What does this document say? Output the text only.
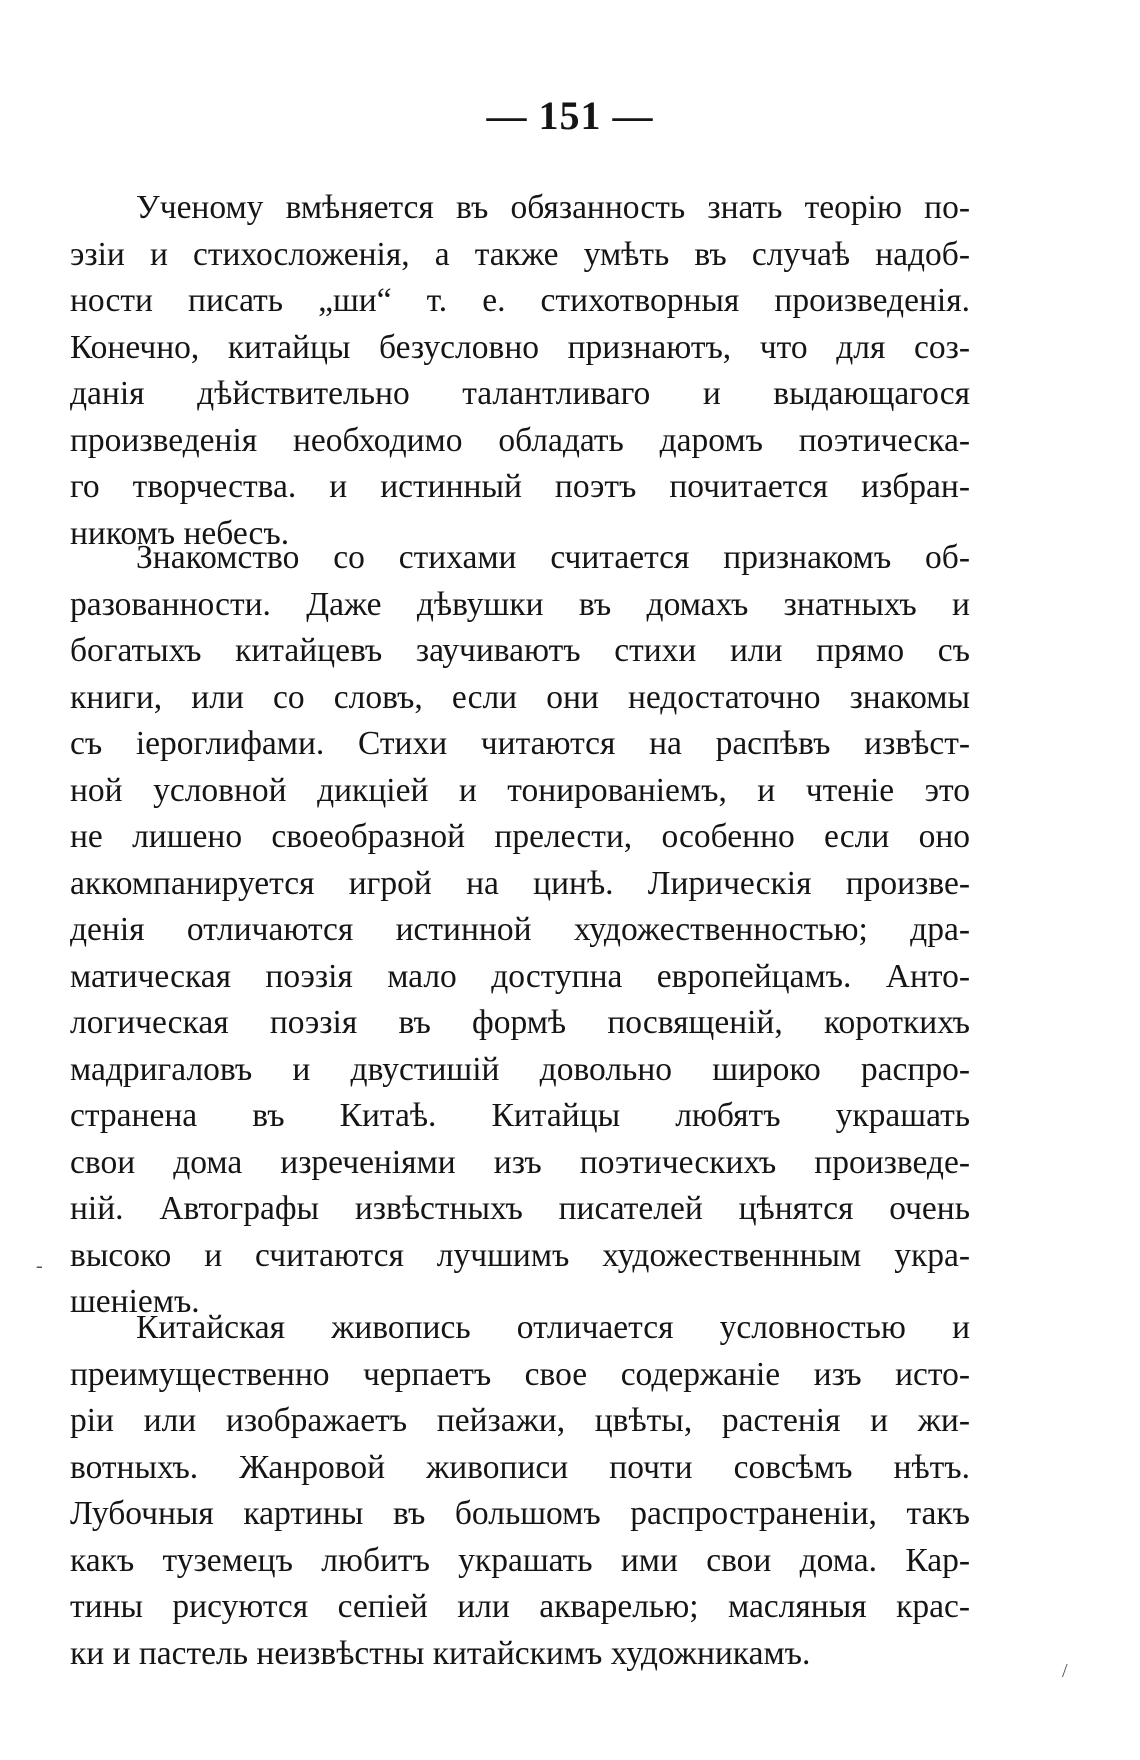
— 151 —
Ученому вмѣняется въ обязанность знать теорію по-
эзіи и стихосложенія, а также умѣть въ случаѣ надоб-
ности писать „ши“ т. е. стихотворныя произведенія.
Конечно, китайцы безусловно признаютъ, что для соз-
данія дѣйствительно талантливаго и выдающагося
произведенія необходимо обладать даромъ поэтическа-
го творчества. и истинный поэтъ почитается избран-
никомъ небесъ.
Знакомство со стихами считается признакомъ об-
разованности. Даже дѣвушки въ домахъ знатныхъ и
богатыхъ китайцевъ заучиваютъ стихи или прямо съ
книги, или со словъ, если они недостаточно знакомы
съ іероглифами. Стихи читаются на распѣвъ извѣст-
ной условной дикціей и тонированіемъ, и чтеніе это
не лишено своеобразной прелести, особенно если оно
аккомпанируется игрой на цинѣ. Лирическія произве-
денія отличаются истинной художественностью; дра-
матическая поэзія мало доступна европейцамъ. Анто-
логическая поэзія въ формѣ посвященій, короткихъ
мадригаловъ и двустишій довольно широко распро-
странена въ Китаѣ. Китайцы любятъ украшать
свои дома изреченіями изъ поэтическихъ произведе-
ній. Автографы извѣстныхъ писателей цѣнятся очень
высоко и считаются лучшимъ художественнным укра-
шеніемъ.
Китайская живопись отличается условностью и
преимущественно черпаетъ свое содержаніе изъ исто-
ріи или изображаетъ пейзажи, цвѣты, растенія и жи-
вотныхъ. Жанровой живописи почти совсѣмъ нѣтъ.
Лубочныя картины въ большомъ распространеніи, такъ
какъ туземецъ любитъ украшать ими свои дома. Кар-
тины рисуются сепіей или акварелью; масляныя крас-
ки и пастель неизвѣстны китайскимъ художникамъ.
-
/
